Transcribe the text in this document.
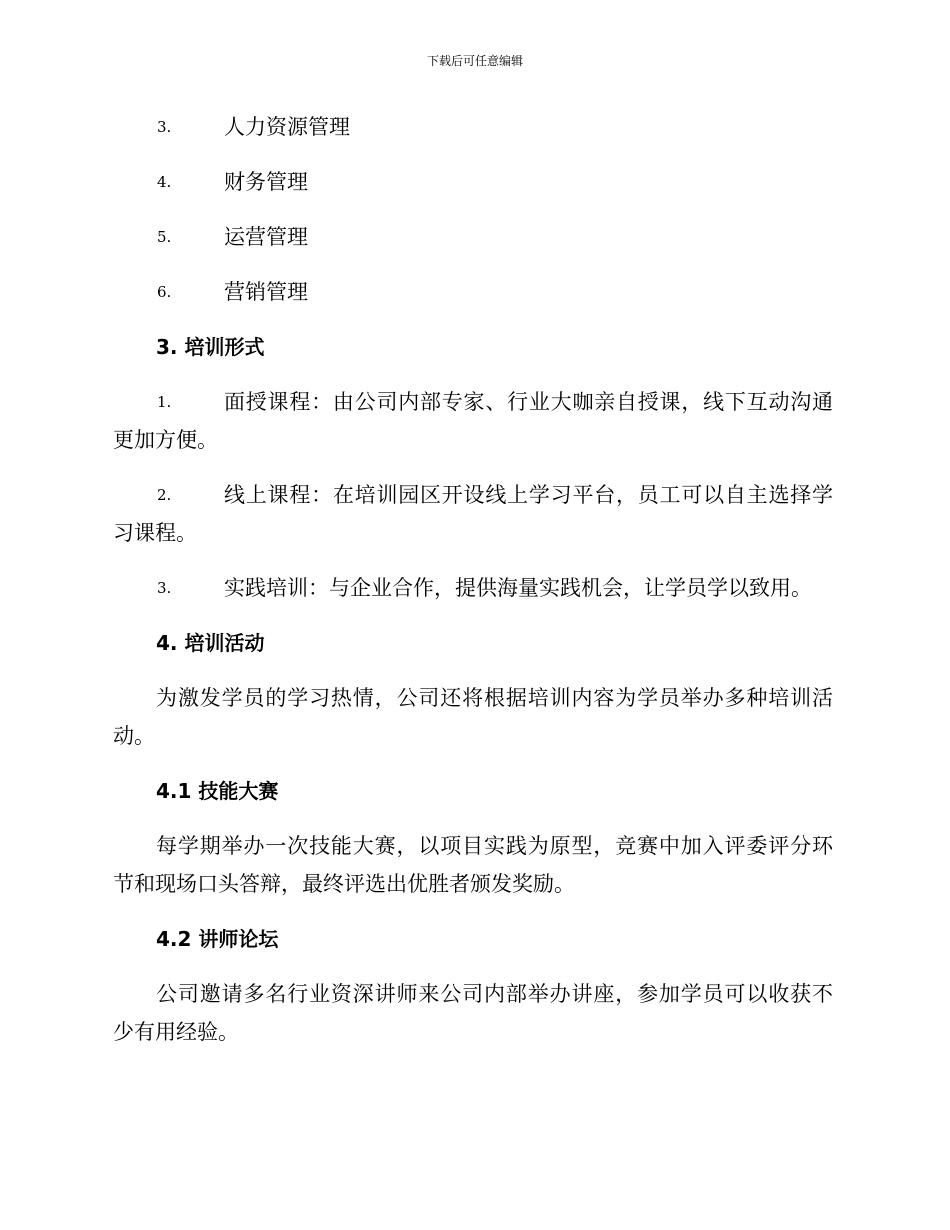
下载后可任意编辑
3.	人力资源管理
4.	财务管理
5.	运营管理
6.	营销管理
3. 培训形式
1.	面授课程：由公司内部专家、行业大咖亲自授课，线下互动沟通
更加方便。
2.	线上课程：在培训园区开设线上学习平台，员工可以自主选择学
习课程。
3.	实践培训：与企业合作，提供海量实践机会，让学员学以致用。
4. 培训活动
为激发学员的学习热情，公司还将根据培训内容为学员举办多种培训活
动。
4.1 技能大赛
每学期举办一次技能大赛，以项目实践为原型，竞赛中加入评委评分环
节和现场口头答辩，最终评选出优胜者颁发奖励。
4.2 讲师论坛
公司邀请多名行业资深讲师来公司内部举办讲座，参加学员可以收获不
少有用经验。
